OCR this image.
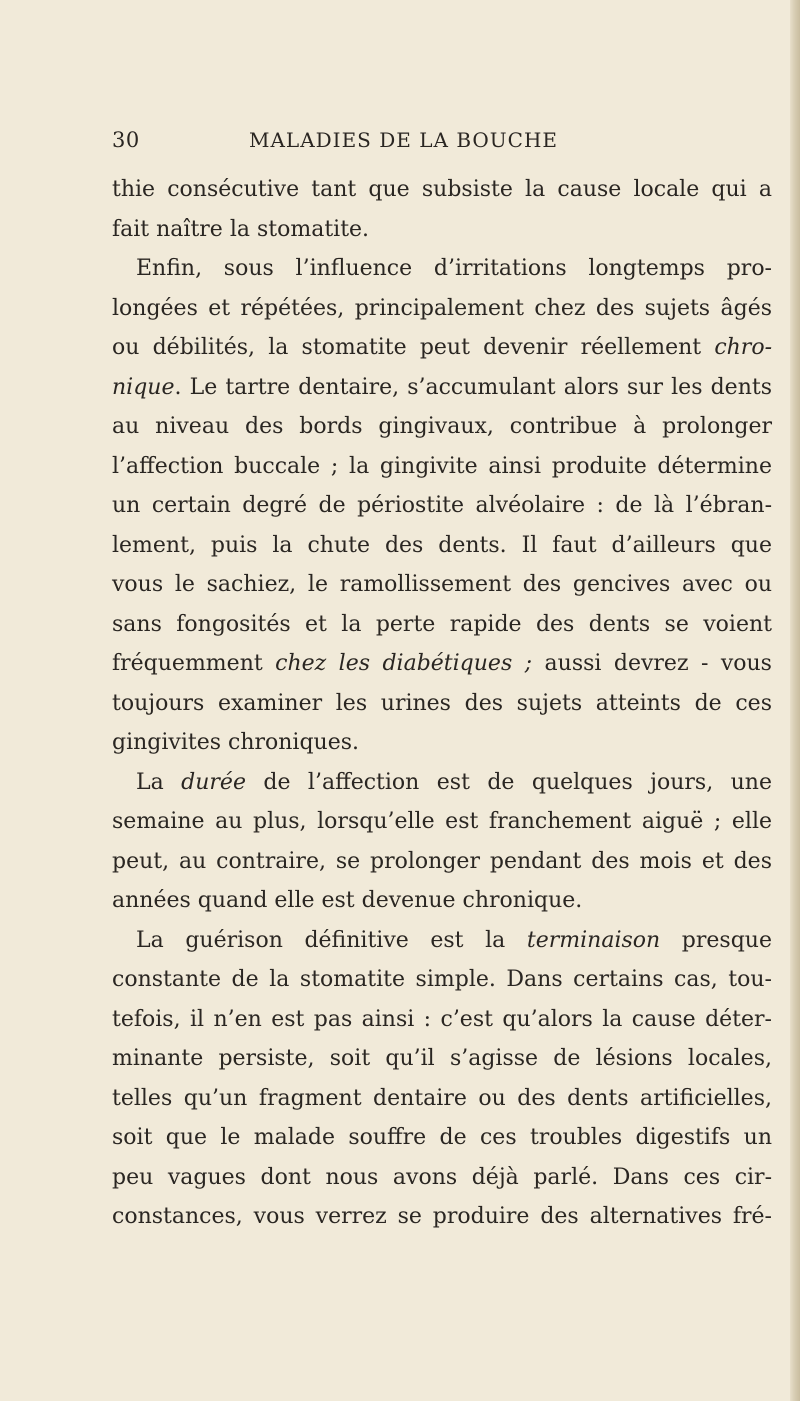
30	MALADIES DE LA BOUCHE
thie consécutive tant que subsiste la cause locale qui a
fait naître la stomatite.
Enfin, sous l’influence d’irritations longtemps pro-
longées et répétées, principalement chez des sujets âgés
ou débilités, la stomatite peut devenir réellement chro-
nique. Le tartre dentaire, s’accumulant alors sur les dents
au niveau des bords gingivaux, contribue à prolonger
l’affection buccale ; la gingivite ainsi produite détermine
un certain degré de périostite alvéolaire : de là l’ébran-
lement, puis la chute des dents. Il faut d’ailleurs que
vous le sachiez, le ramollissement des gencives avec ou
sans fongosités et la perte rapide des dents se voient
fréquemment chez les diabétiques ; aussi devrez - vous
toujours examiner les urines des sujets atteints de ces
gingivites chroniques.
La durée de l’affection est de quelques jours, une
semaine au plus, lorsqu’elle est franchement aiguë ; elle
peut, au contraire, se prolonger pendant des mois et des
années quand elle est devenue chronique.
La guérison définitive est la terminaison presque
constante de la stomatite simple. Dans certains cas, tou-
tefois, il n’en est pas ainsi : c’est qu’alors la cause déter-
minante persiste, soit qu’il s’agisse de lésions locales,
telles qu’un fragment dentaire ou des dents artificielles,
soit que le malade souffre de ces troubles digestifs un
peu vagues dont nous avons déjà parlé. Dans ces cir-
constances, vous verrez se produire des alternatives fré-
